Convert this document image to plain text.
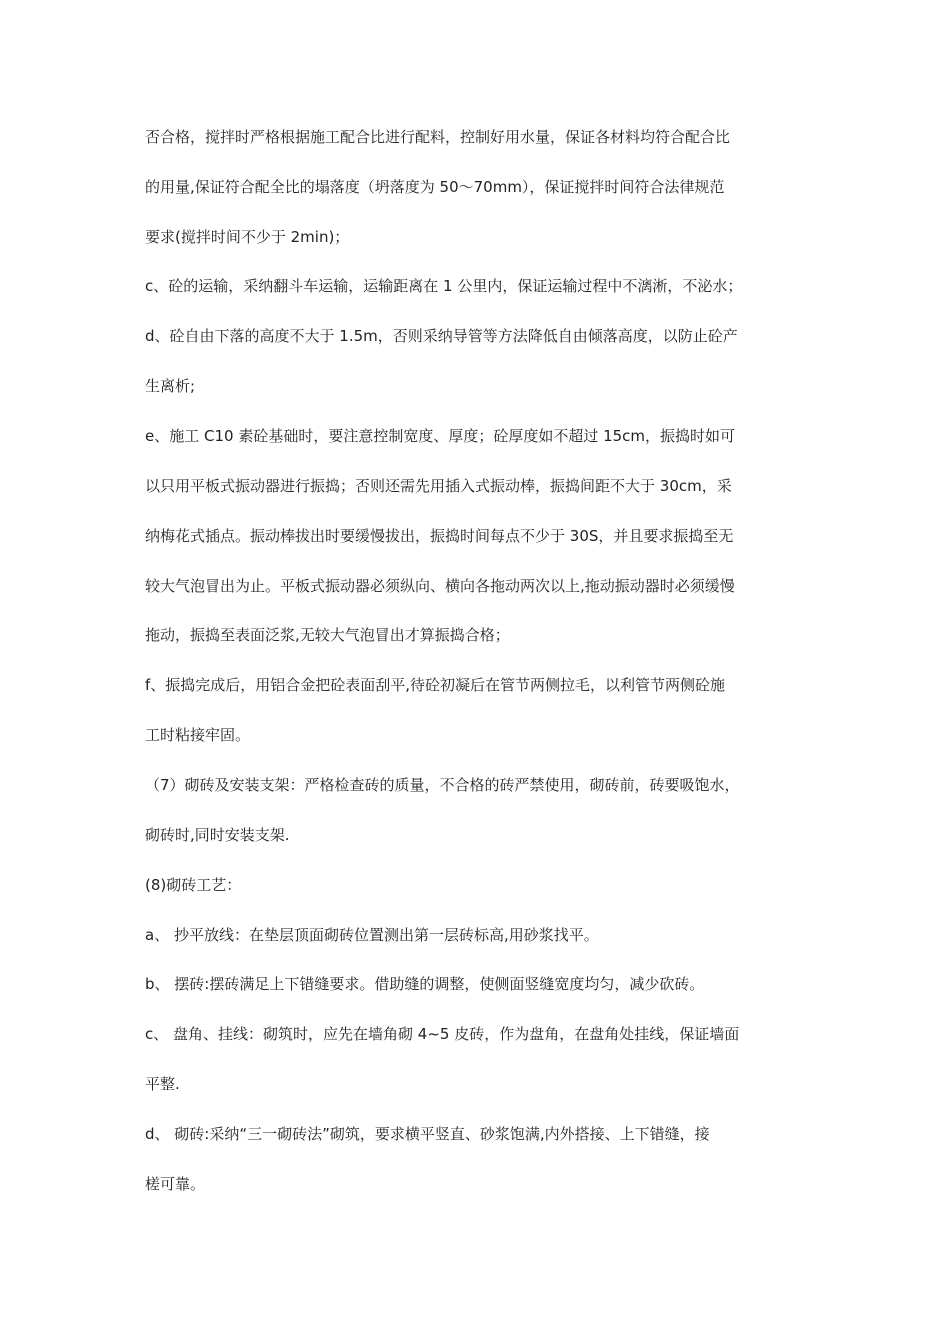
否合格，搅拌时严格根据施工配合比进行配料，控制好用水量，保证各材料均符合配合比
的用量,保证符合配全比的塌落度（坍落度为 50～70mm），保证搅拌时间符合法律规范
要求(搅拌时间不少于 2min)；
c、砼的运输，采纳翻斗车运输，运输距离在 1 公里内，保证运输过程中不漓淅，不泌水；
d、砼自由下落的高度不大于 1.5m，否则采纳导管等方法降低自由倾落高度，以防止砼产
生离析;
e、施工 C10 素砼基础时，要注意控制宽度、厚度；砼厚度如不超过 15cm，振捣时如可
以只用平板式振动器进行振捣；否则还需先用插入式振动棒，振捣间距不大于 30cm，采
纳梅花式插点。振动棒拔出时要缓慢拔出，振捣时间每点不少于 30S，并且要求振捣至无
较大气泡冒出为止。平板式振动器必须纵向、横向各拖动两次以上,拖动振动器时必须缓慢
拖动，振捣至表面泛浆,无较大气泡冒出才算振捣合格；
f、振捣完成后，用铝合金把砼表面刮平,待砼初凝后在管节两侧拉毛，以利管节两侧砼施
工时粘接牢固。
（7）砌砖及安装支架：严格检查砖的质量，不合格的砖严禁使用，砌砖前，砖要吸饱水，
砌砖时,同时安装支架.
(8)砌砖工艺：
a、 抄平放线：在垫层顶面砌砖位置测出第一层砖标高,用砂浆找平。
b、 摆砖:摆砖满足上下错缝要求。借助缝的调整，使侧面竖缝宽度均匀，减少砍砖。
c、 盘角、挂线：砌筑时，应先在墙角砌 4~5 皮砖，作为盘角，在盘角处挂线，保证墙面
平整.
d、 砌砖:采纳“三一砌砖法”砌筑，要求横平竖直、砂浆饱满,内外搭接、上下错缝，接
槎可靠。
